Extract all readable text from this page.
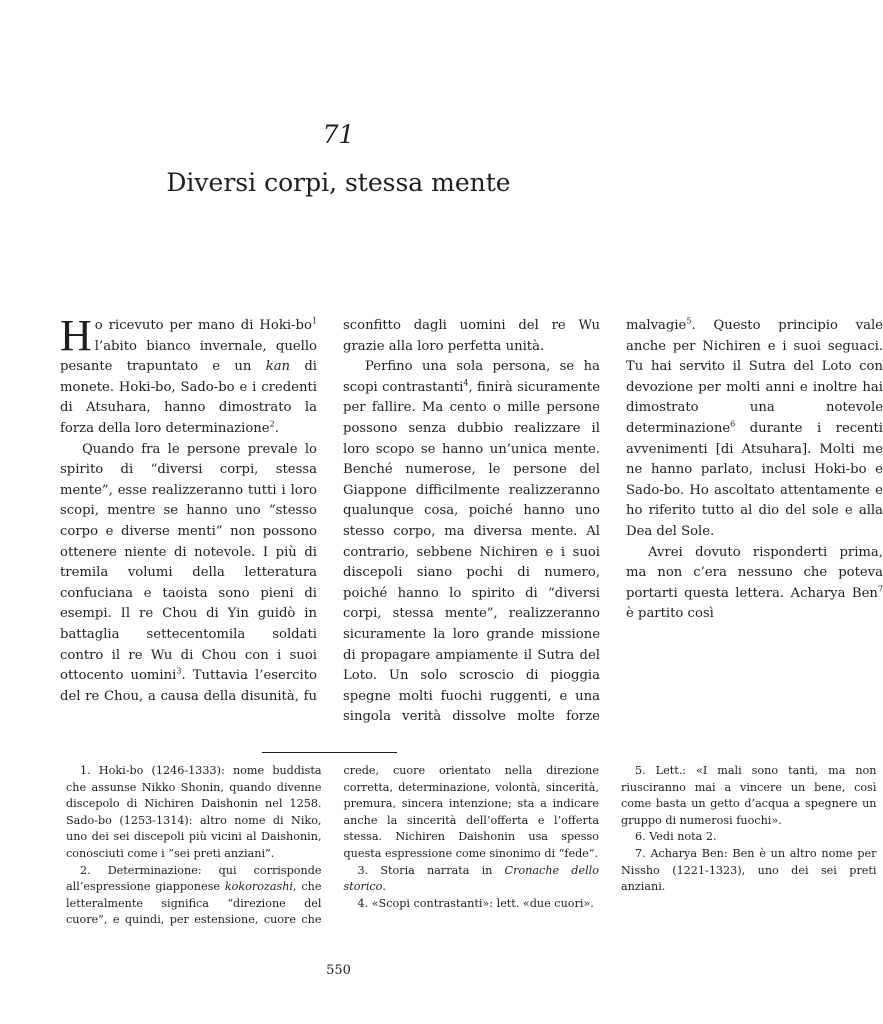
71
Diversi corpi, stessa mente

Ho ricevuto per mano di Hoki-$bo^1$ l’abito bianco invernale, quello pesante trapuntato e un kan di monete. Hoki-bo, Sado-bo e i credenti di Atsuhara, hanno dimostrato la forza della loro determinazione$^2$.

Quando fra le persone prevale lo spirito di “diversi corpi, stessa mente”, esse realizzeranno tutti i loro scopi, mentre se hanno uno “stesso corpo e diverse menti” non possono ottenere niente di notevole. I più di tremila volumi della letteratura confuciana e taoista sono pieni di esempi. Il re Chou di Yin guidò in battaglia settecentomila soldati contro il re Wu di Chou con i suoi ottocento uomini$^3$. Tuttavia l’esercito del re Chou, a causa della disunità, fu sconfitto dagli uomini del re Wu grazie alla loro perfetta unità.

Perfino una sola persona, se ha scopi contrastanti$^4$, finirà sicuramente per fallire. Ma cento o mille persone possono senza dubbio realizzare il loro scopo se hanno un’unica mente. Benché numerose, le persone del Giappone difficilmente realizzeranno qualunque cosa, poiché hanno uno stesso corpo, ma diversa mente. Al contrario, sebbene Nichiren e i suoi discepoli siano pochi di numero, poiché hanno lo spirito di “diversi corpi, stessa mente”, realizzeranno sicuramente la loro grande missione di propagare ampiamente il Sutra del Loto. Un solo scroscio di pioggia spegne molti fuochi ruggenti, e una singola verità dissolve molte forze malvagie$^5$. Questo principio vale anche per Nichiren e i suoi seguaci. Tu hai servito il Sutra del Loto con devozione per molti anni e inoltre hai dimostrato una notevole determinazione$^6$ durante i recenti avvenimenti [di Atsuhara]. Molti me ne hanno parlato, inclusi Hoki-bo e Sado-bo. Ho ascoltato attentamente e ho riferito tutto al dio del sole e alla Dea del Sole.

Avrei dovuto risponderti prima, ma non c’era nessuno che poteva portarti questa lettera. Acharya Ben$^7$ è partito così

1. Hoki-bo (1246-1333): nome buddista che assunse Nikko Shonin, quando divenne discepolo di Nichiren Daishonin nel 1258. Sado-bo (1253-1314): altro nome di Niko, uno dei sei discepoli più vicini al Daishonin, conosciuti come i “sei preti anziani”.

2. Determinazione: qui corrisponde all’espressione giapponese kokorozashi, che letteralmente significa “direzione del cuore”, e quindi, per estensione, cuore che crede, cuore orientato nella direzione corretta, determinazione, volontà, sincerità, premura, sincera intenzione; sta a indicare anche la sincerità dell’offerta e l’offerta stessa. Nichiren Daishonin usa spesso questa espressione come sinonimo di “fede”.

3. Storia narrata in Cronache dello storico.

4. «Scopi contrastanti»: lett. «due cuori».

5. Lett.: «I mali sono tanti, ma non riusciranno mai a vincere un bene, così come basta un getto d’acqua a spegnere un gruppo di numerosi fuochi».

6. Vedi nota 2.

7. Acharya Ben: Ben è un altro nome per Nissho (1221-1323), uno dei sei preti anziani.

550
